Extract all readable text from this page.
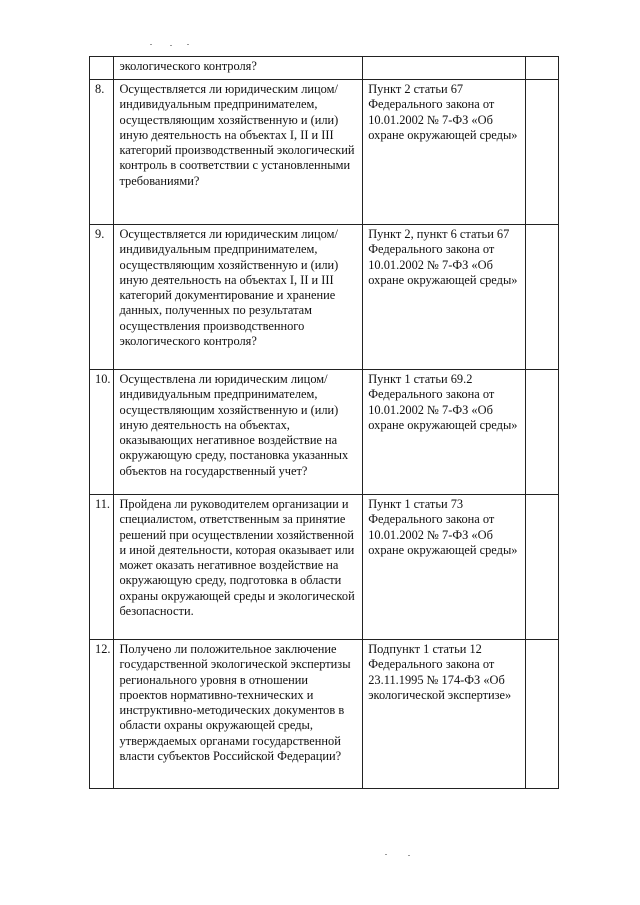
	экологического контроля?		
8.	Осуществляется ли юридическим лицом/индивидуальным предпринимателем, осуществляющим хозяйственную и (или) иную деятельность на объектах I, II и III категорий производственный экологический контроль в соответствии с установленными требованиями?	Пункт 2 статьи 67 Федерального закона от 10.01.2002 № 7-ФЗ «Об охране окружающей среды»	
9.	Осуществляется ли юридическим лицом/индивидуальным предпринимателем, осуществляющим хозяйственную и (или) иную деятельность на объектах I, II и III категорий документирование и хранение данных, полученных по результатам осуществления производственного экологического контроля?	Пункт 2, пункт 6 статьи 67 Федерального закона от 10.01.2002 № 7-ФЗ «Об охране окружающей среды»	
10.	Осуществлена ли юридическим лицом/индивидуальным предпринимателем, осуществляющим хозяйственную и (или) иную деятельность на объектах, оказывающих негативное воздействие на окружающую среду, постановка указанных объектов на государственный учет?	Пункт 1 статьи 69.2 Федерального закона от 10.01.2002 № 7-ФЗ «Об охране окружающей среды»	
11.	Пройдена ли руководителем организации и специалистом, ответственным за принятие решений при осуществлении хозяйственной и иной деятельности, которая оказывает или может оказать негативное воздействие на окружающую среду, подготовка в области охраны окружающей среды и экологической безопасности.	Пункт 1 статьи 73 Федерального закона от 10.01.2002 № 7-ФЗ «Об охране окружающей среды»	
12.	Получено ли положительное заключение государственной экологической экспертизы регионального уровня в отношении проектов нормативно-технических и инструктивно-методических документов в области охраны окружающей среды, утверждаемых органами государственной власти субъектов Российской Федерации?	Подпункт 1 статьи 12 Федерального закона от 23.11.1995 № 174-ФЗ «Об экологической экспертизе»	
